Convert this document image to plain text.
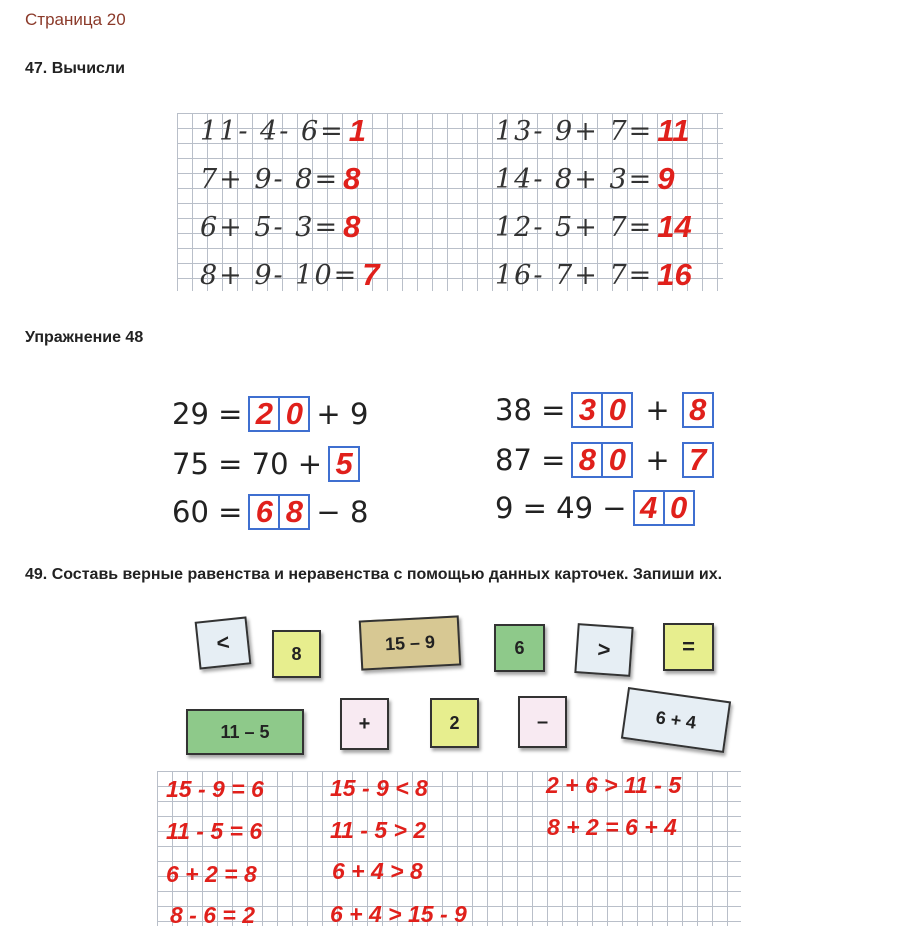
Страница 20
47. Вычисли
11- 4- 6= 1
7+ 9- 8= 8
6+ 5- 3= 8
8+ 9- 10= 7
13- 9+ 7= 11
14- 8+ 3= 9
12- 5+ 7= 14
16- 7+ 7= 16
Упражнение 48
29 = 2 0 + 9
75 = 70 + 5
60 = 6 8 − 8
38 = 3 0 + 8
87 = 8 0 + 7
9 = 49 − 4 0
49. Составь верные равенства и неравенства с помощью данных карточек. Запиши их.
<	8	15 – 9	6	>	=
11 – 5	+	2	–	6 + 4
15 - 9 = 6
11 - 5 = 6
6 + 2 = 8
8 - 6 = 2
15 - 9 < 8
11 - 5 > 2
6 + 4 > 8
6 + 4 > 15 - 9
2 + 6 > 11 - 5
8 + 2 = 6 + 4
